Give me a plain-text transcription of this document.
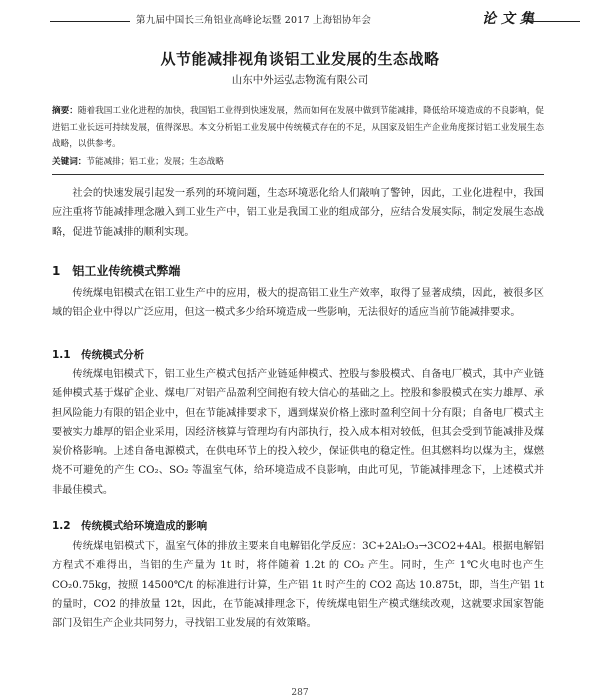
第九届中国长三角铝业高峰论坛暨 2017 上海铝协年会	论 文 集
从节能减排视角谈铝工业发展的生态战略
山东中外运弘志物流有限公司
摘要：随着我国工业化进程的加快，我国铝工业得到快速发展，然而如何在发展中做到节能减排，降低给环境造成的不良影响，促进铝工业长远可持续发展，值得深思。本文分析铝工业发展中传统模式存在的不足，从国家及铝生产企业角度探讨铝工业发展生态战略，以供参考。
关键词：节能减排；铝工业；发展；生态战略

社会的快速发展引起发一系列的环境问题，生态环境恶化给人们敲响了警钟，因此，工业化进程中，我国应注重将节能减排理念融入到工业生产中，铝工业是我国工业的组成部分，应结合发展实际，制定发展生态战略，促进节能减排的顺利实现。

1　铝工业传统模式弊端

传统煤电铝模式在铝工业生产中的应用，极大的提高铝工业生产效率，取得了显著成绩，因此，被很多区域的铝企业中得以广泛应用，但这一模式多少给环境造成一些影响，无法很好的适应当前节能减排要求。

1.1　传统模式分析

传统煤电铝模式下，铝工业生产模式包括产业链延伸模式、控股与参股模式、自备电厂模式，其中产业链延伸模式基于煤矿企业、煤电厂对铝产品盈利空间抱有较大信心的基础之上。控股和参股模式在实力雄厚、承担风险能力有限的铝企业中，但在节能减排要求下，遇到煤炭价格上涨时盈利空间十分有限；自备电厂模式主要被实力雄厚的铝企业采用，因经济核算与管理均有内部执行，投入成本相对较低，但其会受到节能减排及煤炭价格影响。上述自备电源模式，在供电环节上的投入较少，保证供电的稳定性。但其燃料均以煤为主，煤燃烧不可避免的产生 CO₂、SO₂ 等温室气体，给环境造成不良影响，由此可见，节能减排理念下，上述模式并非最佳模式。

1.2　传统模式给环境造成的影响

传统煤电铝模式下，温室气体的排放主要来自电解铝化学反应：3C+2Al₂O₃→3CO2+4Al。根据电解铝方程式不难得出，当铝的生产量为 1t 时，将伴随着 1.2t 的 CO₂ 产生。同时，生产 1℃火电时也产生 CO₂0.75kg，按照 14500℃/t 的标准进行计算，生产铝 1t 时产生的 CO2 高达 10.875t，即，当生产铝 1t 的量时，CO2 的排放量 12t，因此，在节能减排理念下，传统煤电铝生产模式继续改观，这就要求国家智能部门及铝生产企业共同努力，寻找铝工业发展的有效策略。

287
